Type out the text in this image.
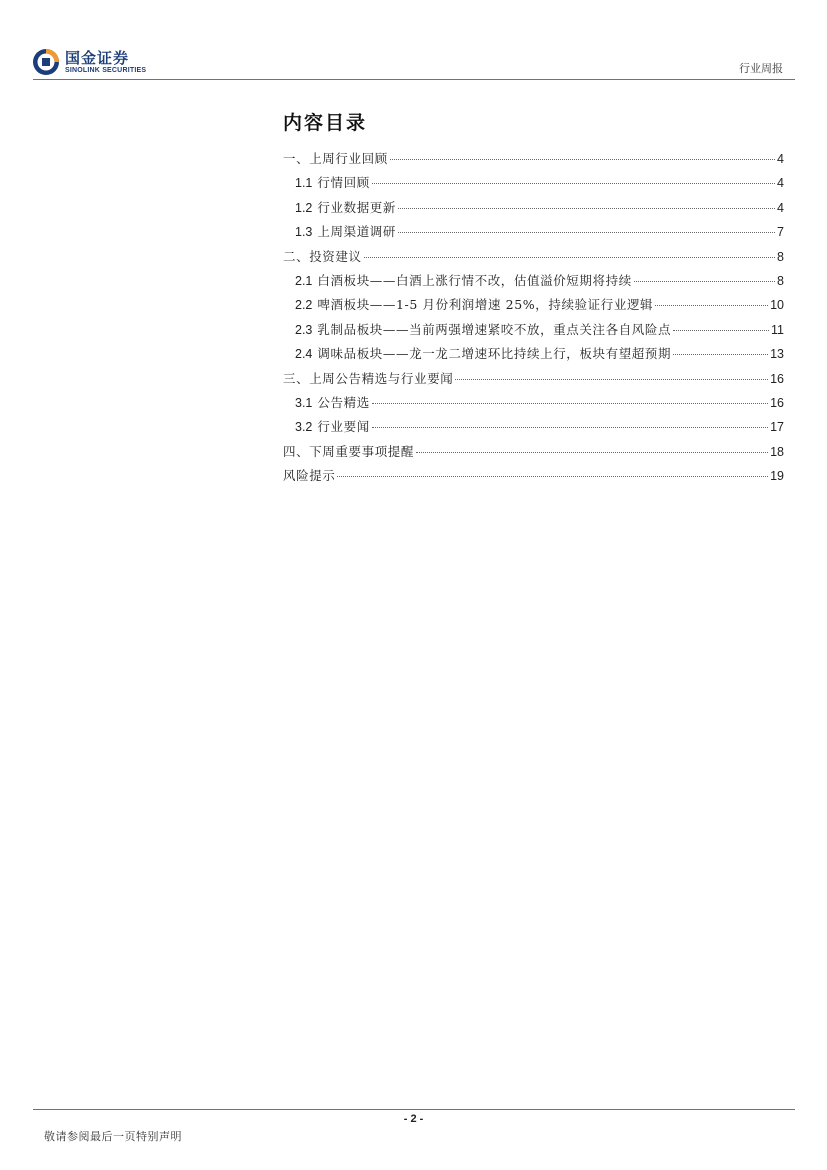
国金证券
SINOLINK SECURITIES	行业周报
内容目录
一、上周行业回顾	4
1.1 行情回顾	4
1.2 行业数据更新	4
1.3 上周渠道调研	7
二、投资建议	8
2.1 白酒板块——白酒上涨行情不改，估值溢价短期将持续	8
2.2 啤酒板块——1-5 月份利润增速 25%，持续验证行业逻辑	10
2.3 乳制品板块——当前两强增速紧咬不放，重点关注各自风险点	11
2.4 调味品板块——龙一龙二增速环比持续上行，板块有望超预期	13
三、上周公告精选与行业要闻	16
3.1 公告精选	16
3.2 行业要闻	17
四、下周重要事项提醒	18
风险提示	19
- 2 -
敬请参阅最后一页特别声明
